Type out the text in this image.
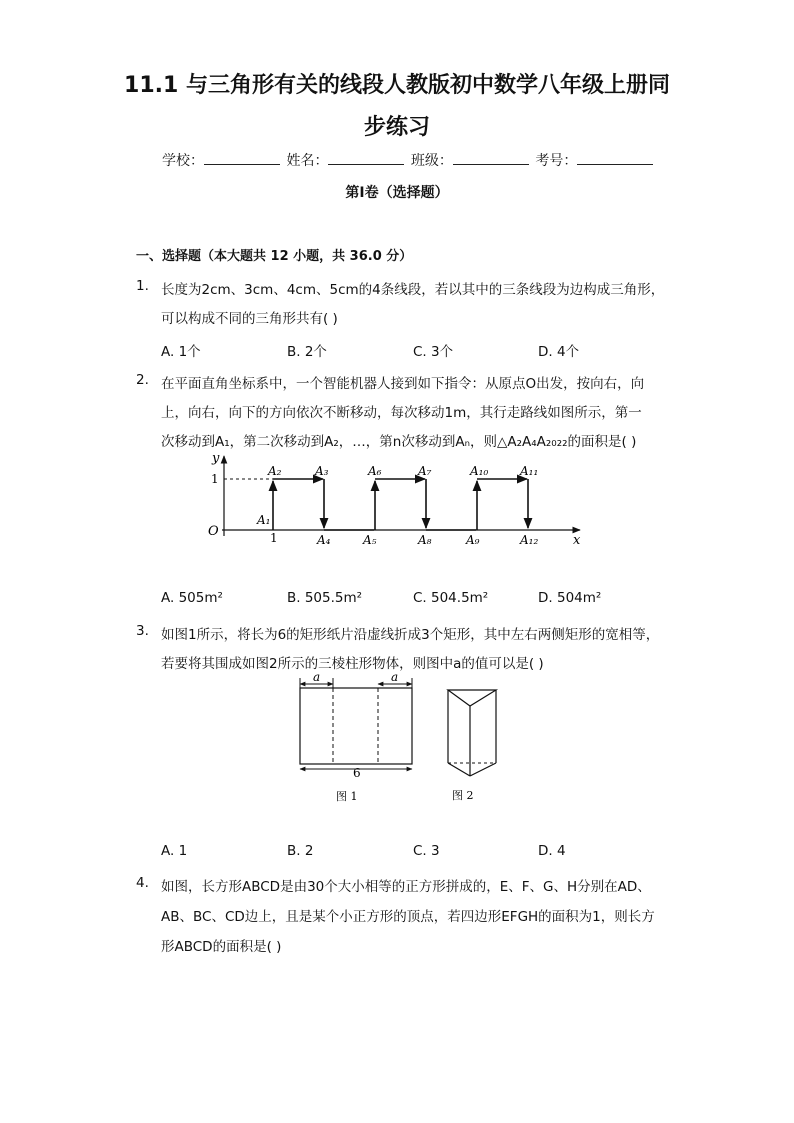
11.1 与三角形有关的线段人教版初中数学八年级上册同
步练习
学校：	姓名：	班级：	考号：
第I卷（选择题）
一、选择题（本大题共 12 小题，共 36.0 分）
1. 长度为2cm、3cm、4cm、5cm的4条线段，若以其中的三条线段为边构成三角形，
可以构成不同的三角形共有( )
A. 1个	B. 2个	C. 3个	D. 4个
2. 在平面直角坐标系中，一个智能机器人接到如下指令：从原点O出发，按向右，向
上，向右，向下的方向依次不断移动，每次移动1m，其行走路线如图所示，第一
次移动到A₁，第二次移动到A₂，…，第n次移动到Aₙ，则△A₂A₄A₂₀₂₂的面积是( )
y
x
O
1
1
A₁
A₂	A₃	A₆	A₇	A₁₀	A₁₁
A₄	A₅	A₈	A₉	A₁₂
A. 505m²	B. 505.5m²	C. 504.5m²	D. 504m²
3. 如图1所示，将长为6的矩形纸片沿虚线折成3个矩形，其中左右两侧矩形的宽相等，
若要将其围成如图2所示的三棱柱形物体，则图中a的值可以是( )
a	a
6
图 1	图 2
A. 1	B. 2	C. 3	D. 4
4. 如图，长方形ABCD是由30个大小相等的正方形拼成的，E、F、G、H分别在AD、
AB、BC、CD边上，且是某个小正方形的顶点，若四边形EFGH的面积为1，则长方
形ABCD的面积是( )
